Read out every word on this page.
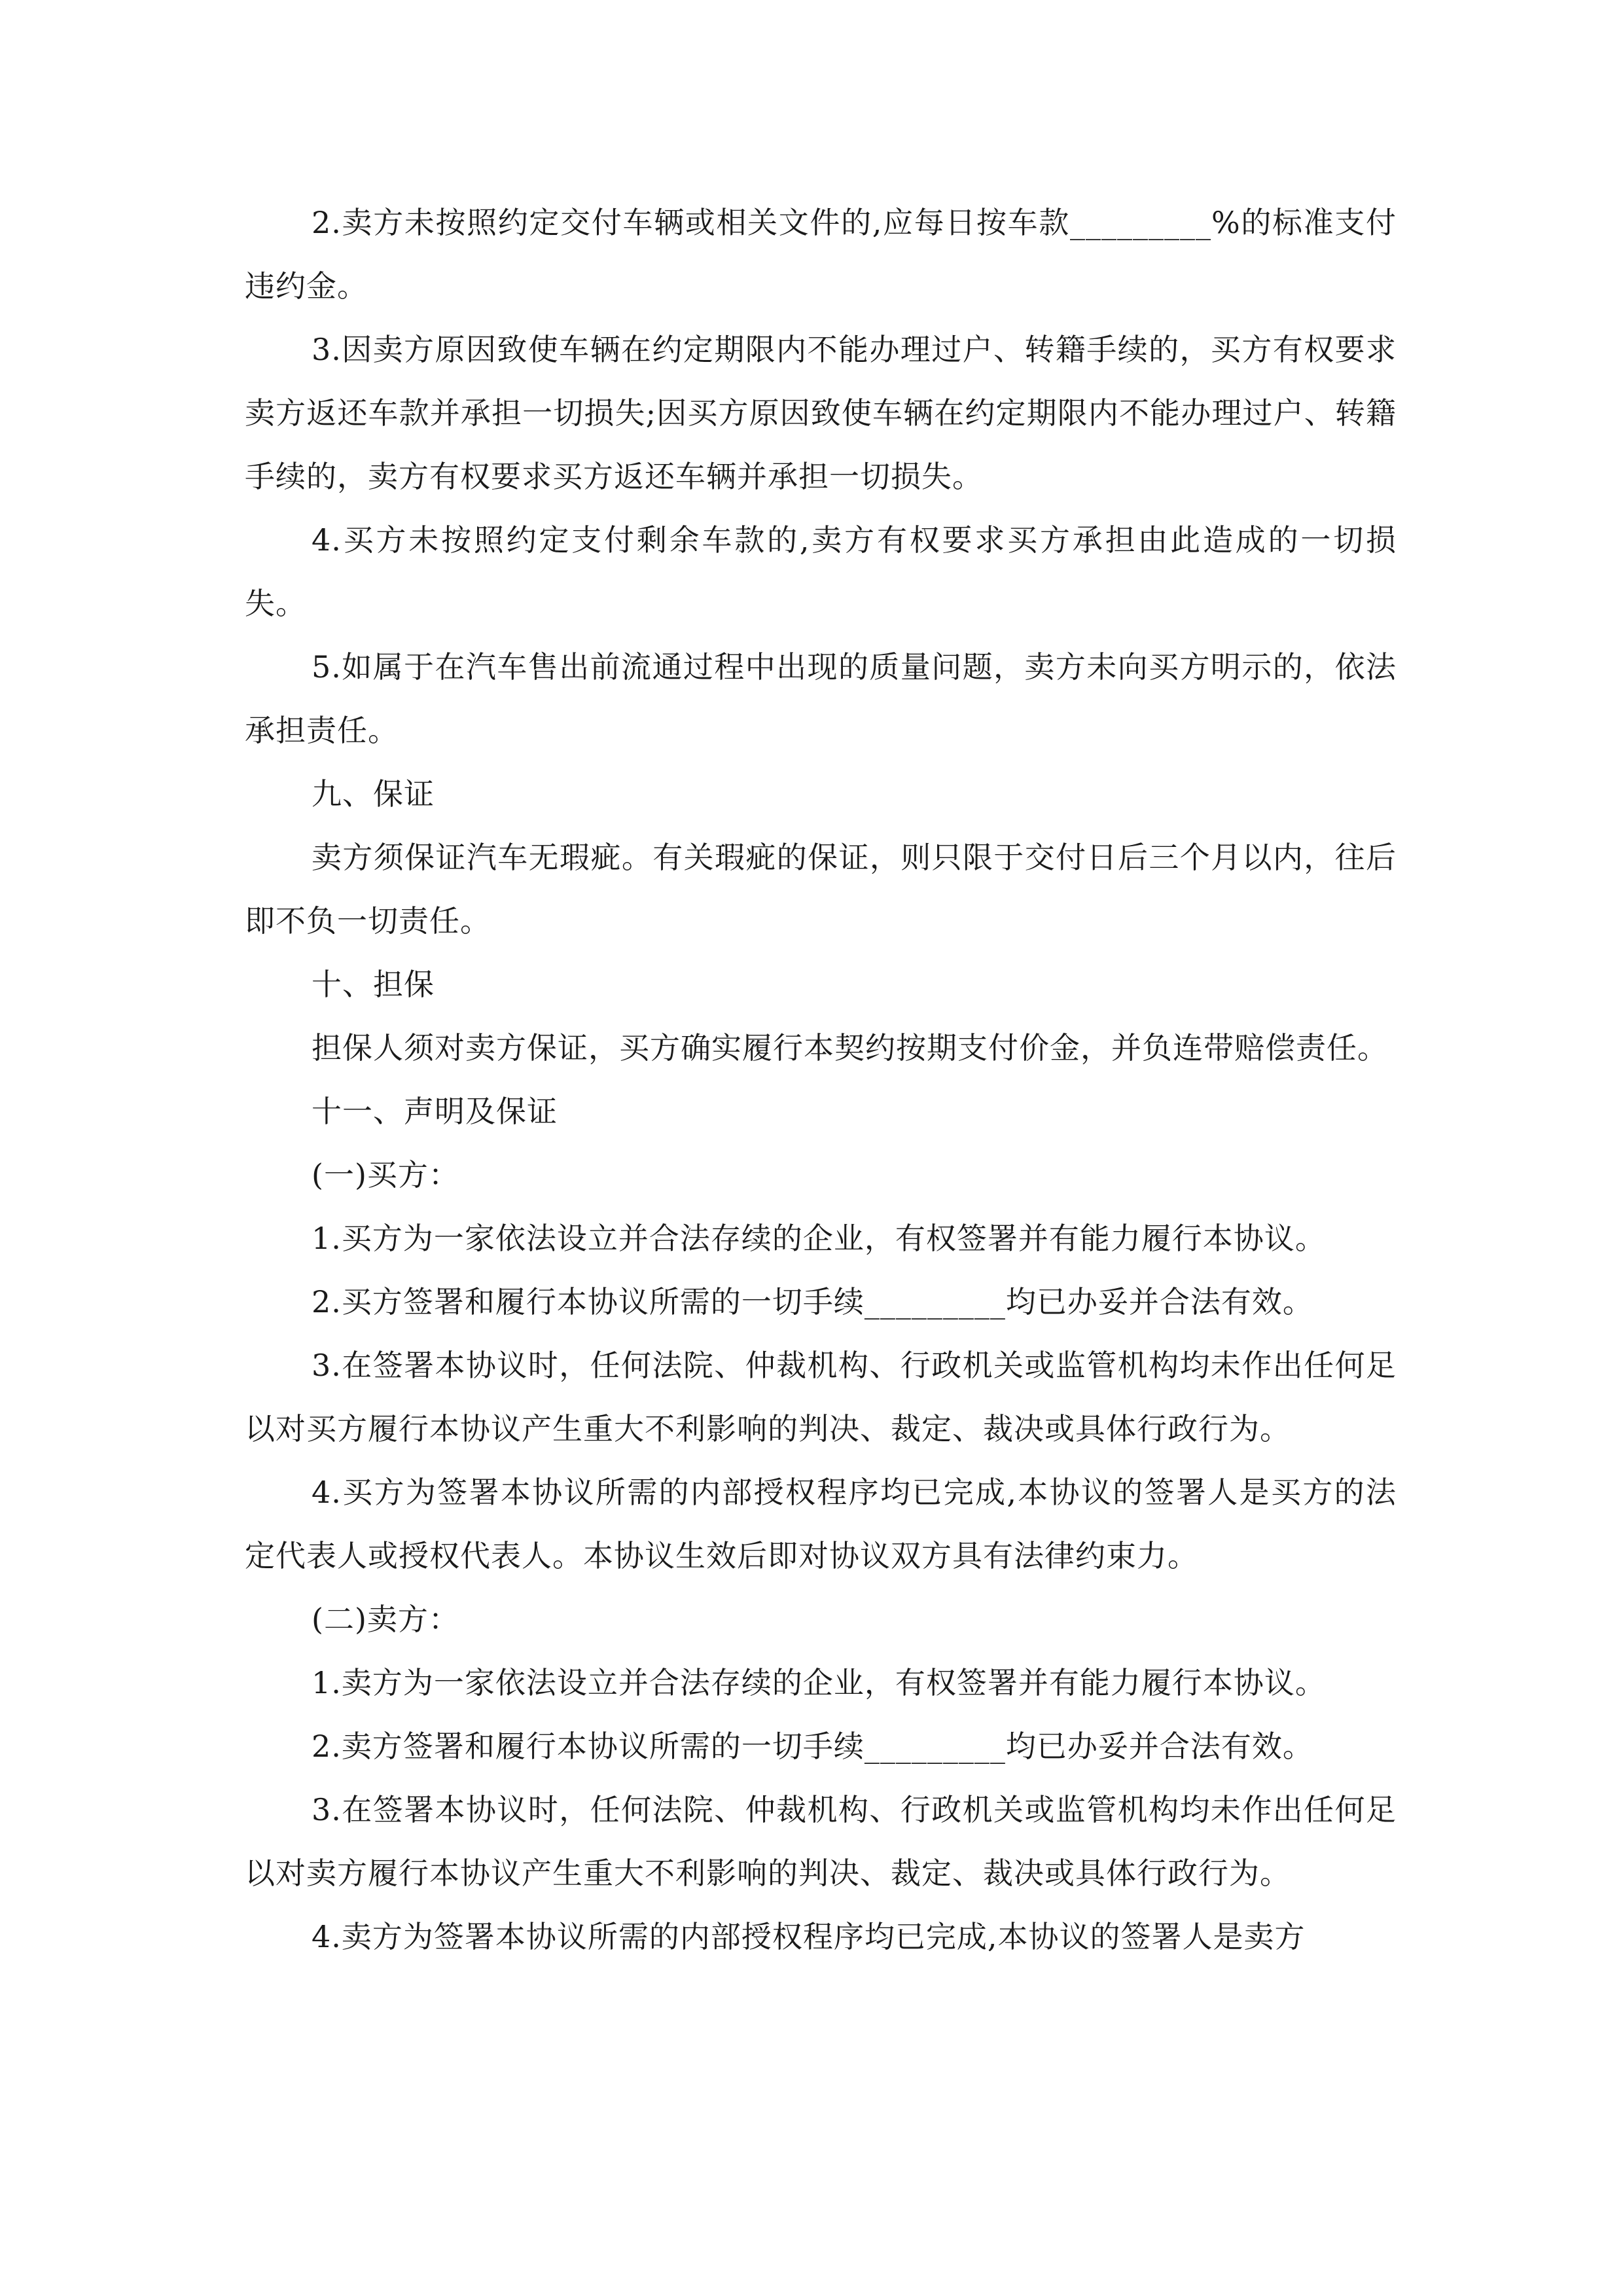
2.卖方未按照约定交付车辆或相关文件的,应每日按车款_________%的标准支付违约金。

3.因卖方原因致使车辆在约定期限内不能办理过户、转籍手续的，买方有权要求卖方返还车款并承担一切损失;因买方原因致使车辆在约定期限内不能办理过户、转籍手续的，卖方有权要求买方返还车辆并承担一切损失。

4.买方未按照约定支付剩余车款的,卖方有权要求买方承担由此造成的一切损失。

5.如属于在汽车售出前流通过程中出现的质量问题，卖方未向买方明示的，依法承担责任。

九、保证

卖方须保证汽车无瑕疵。有关瑕疵的保证，则只限于交付日后三个月以内，往后即不负一切责任。

十、担保

担保人须对卖方保证，买方确实履行本契约按期支付价金，并负连带赔偿责任。

十一、声明及保证

(一)买方：

1.买方为一家依法设立并合法存续的企业，有权签署并有能力履行本协议。

2.买方签署和履行本协议所需的一切手续_________均已办妥并合法有效。

3.在签署本协议时，任何法院、仲裁机构、行政机关或监管机构均未作出任何足以对买方履行本协议产生重大不利影响的判决、裁定、裁决或具体行政行为。

4.买方为签署本协议所需的内部授权程序均已完成,本协议的签署人是买方的法定代表人或授权代表人。本协议生效后即对协议双方具有法律约束力。

(二)卖方：

1.卖方为一家依法设立并合法存续的企业，有权签署并有能力履行本协议。

2.卖方签署和履行本协议所需的一切手续_________均已办妥并合法有效。

3.在签署本协议时，任何法院、仲裁机构、行政机关或监管机构均未作出任何足以对卖方履行本协议产生重大不利影响的判决、裁定、裁决或具体行政行为。

4.卖方为签署本协议所需的内部授权程序均已完成,本协议的签署人是卖方
